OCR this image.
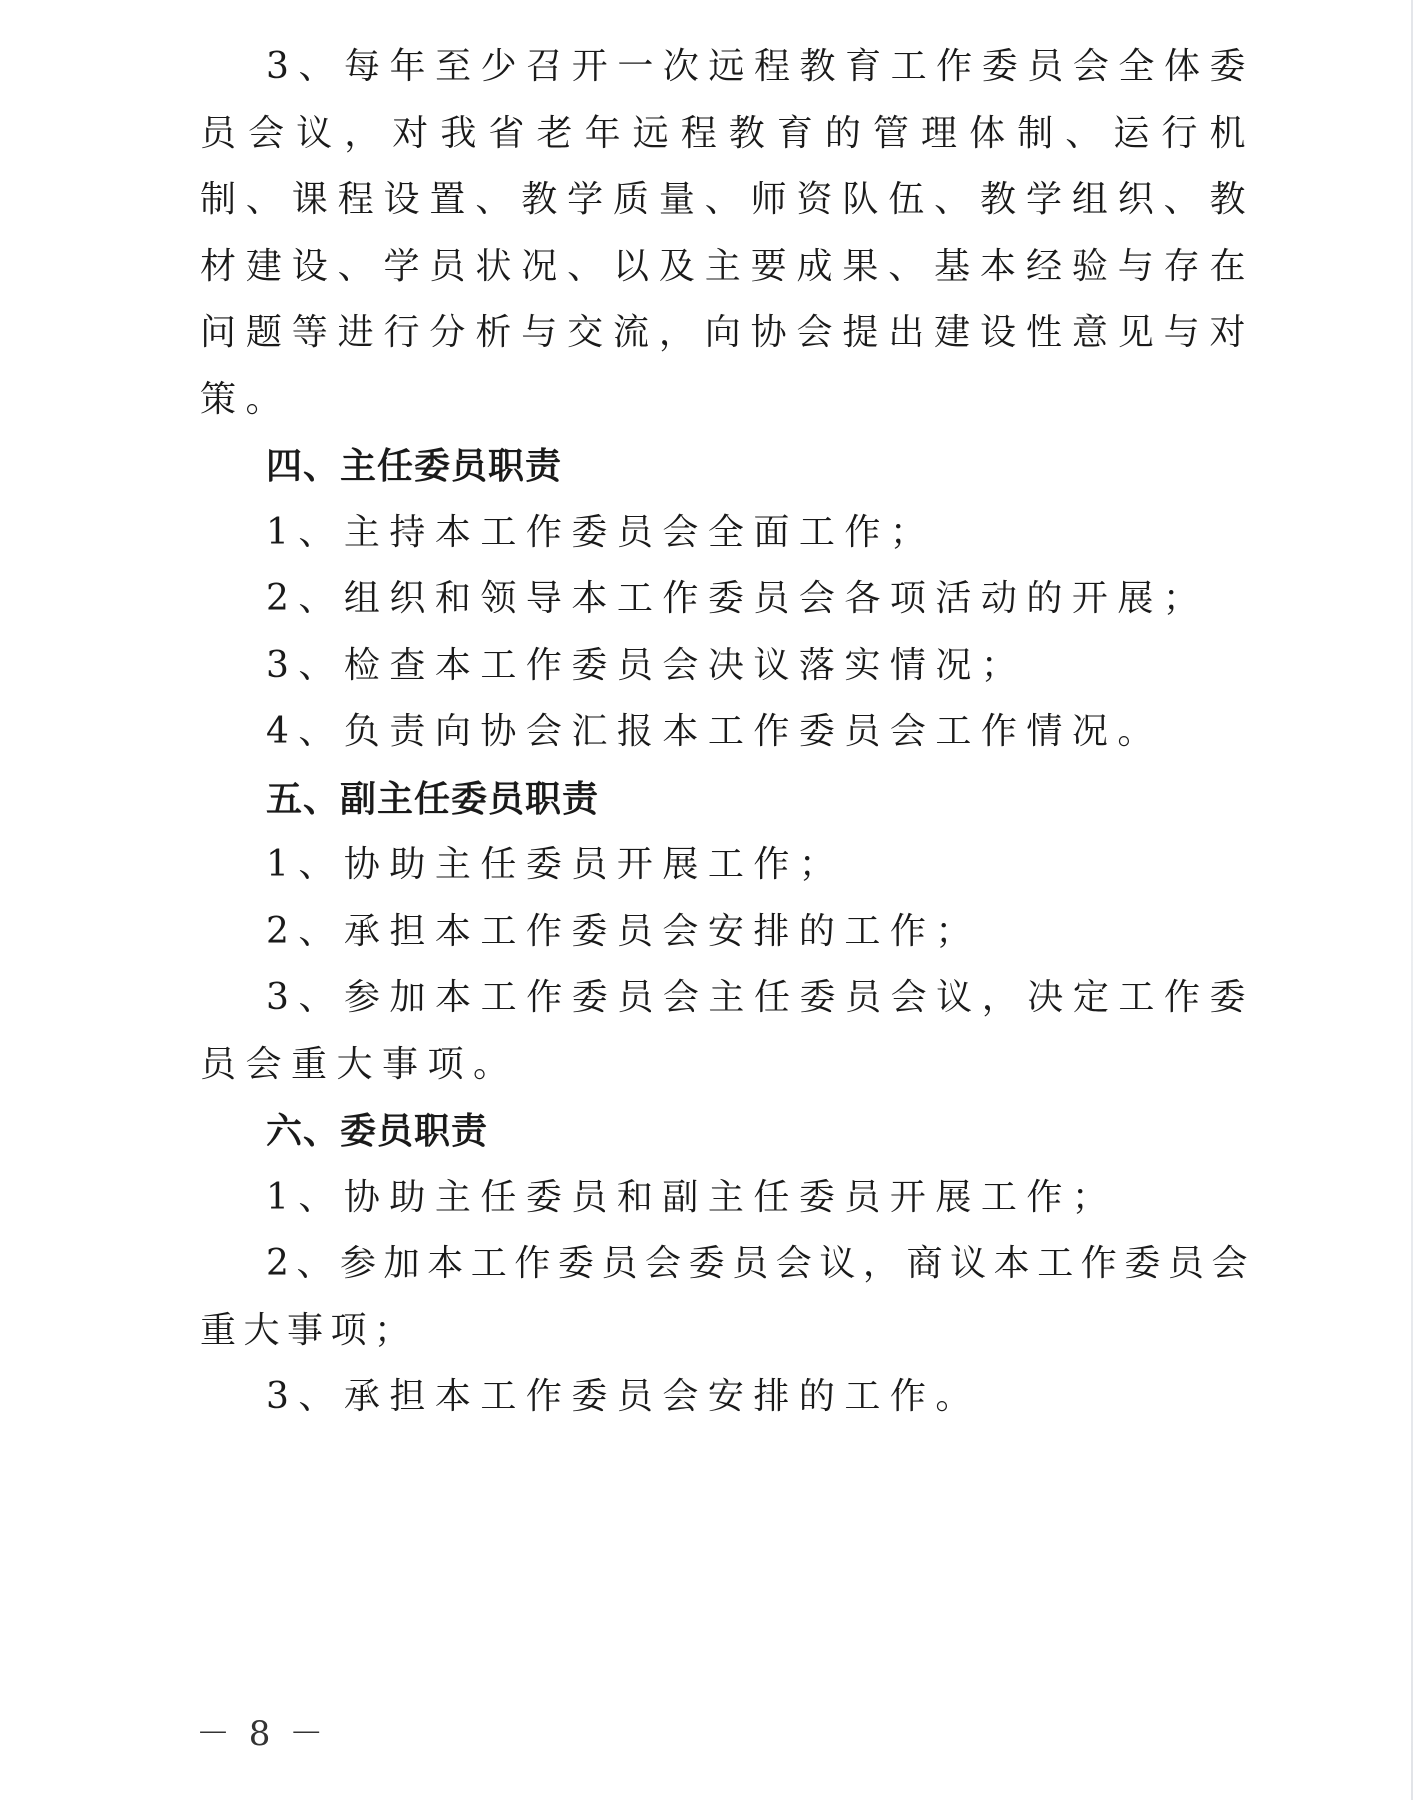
3、每年至少召开一次远程教育工作委员会全体委员会议，对我省老年远程教育的管理体制、运行机制、课程设置、教学质量、师资队伍、教学组织、教材建设、学员状况、以及主要成果、基本经验与存在问题等进行分析与交流，向协会提出建设性意见与对策。

四、主任委员职责

1、主持本工作委员会全面工作；

2、组织和领导本工作委员会各项活动的开展；

3、检查本工作委员会决议落实情况；

4、负责向协会汇报本工作委员会工作情况。

五、副主任委员职责

1、协助主任委员开展工作；

2、承担本工作委员会安排的工作；

3、参加本工作委员会主任委员会议，决定工作委员会重大事项。

六、委员职责

1、协助主任委员和副主任委员开展工作；

2、参加本工作委员会委员会议，商议本工作委员会重大事项；

3、承担本工作委员会安排的工作。

－ 8 －
